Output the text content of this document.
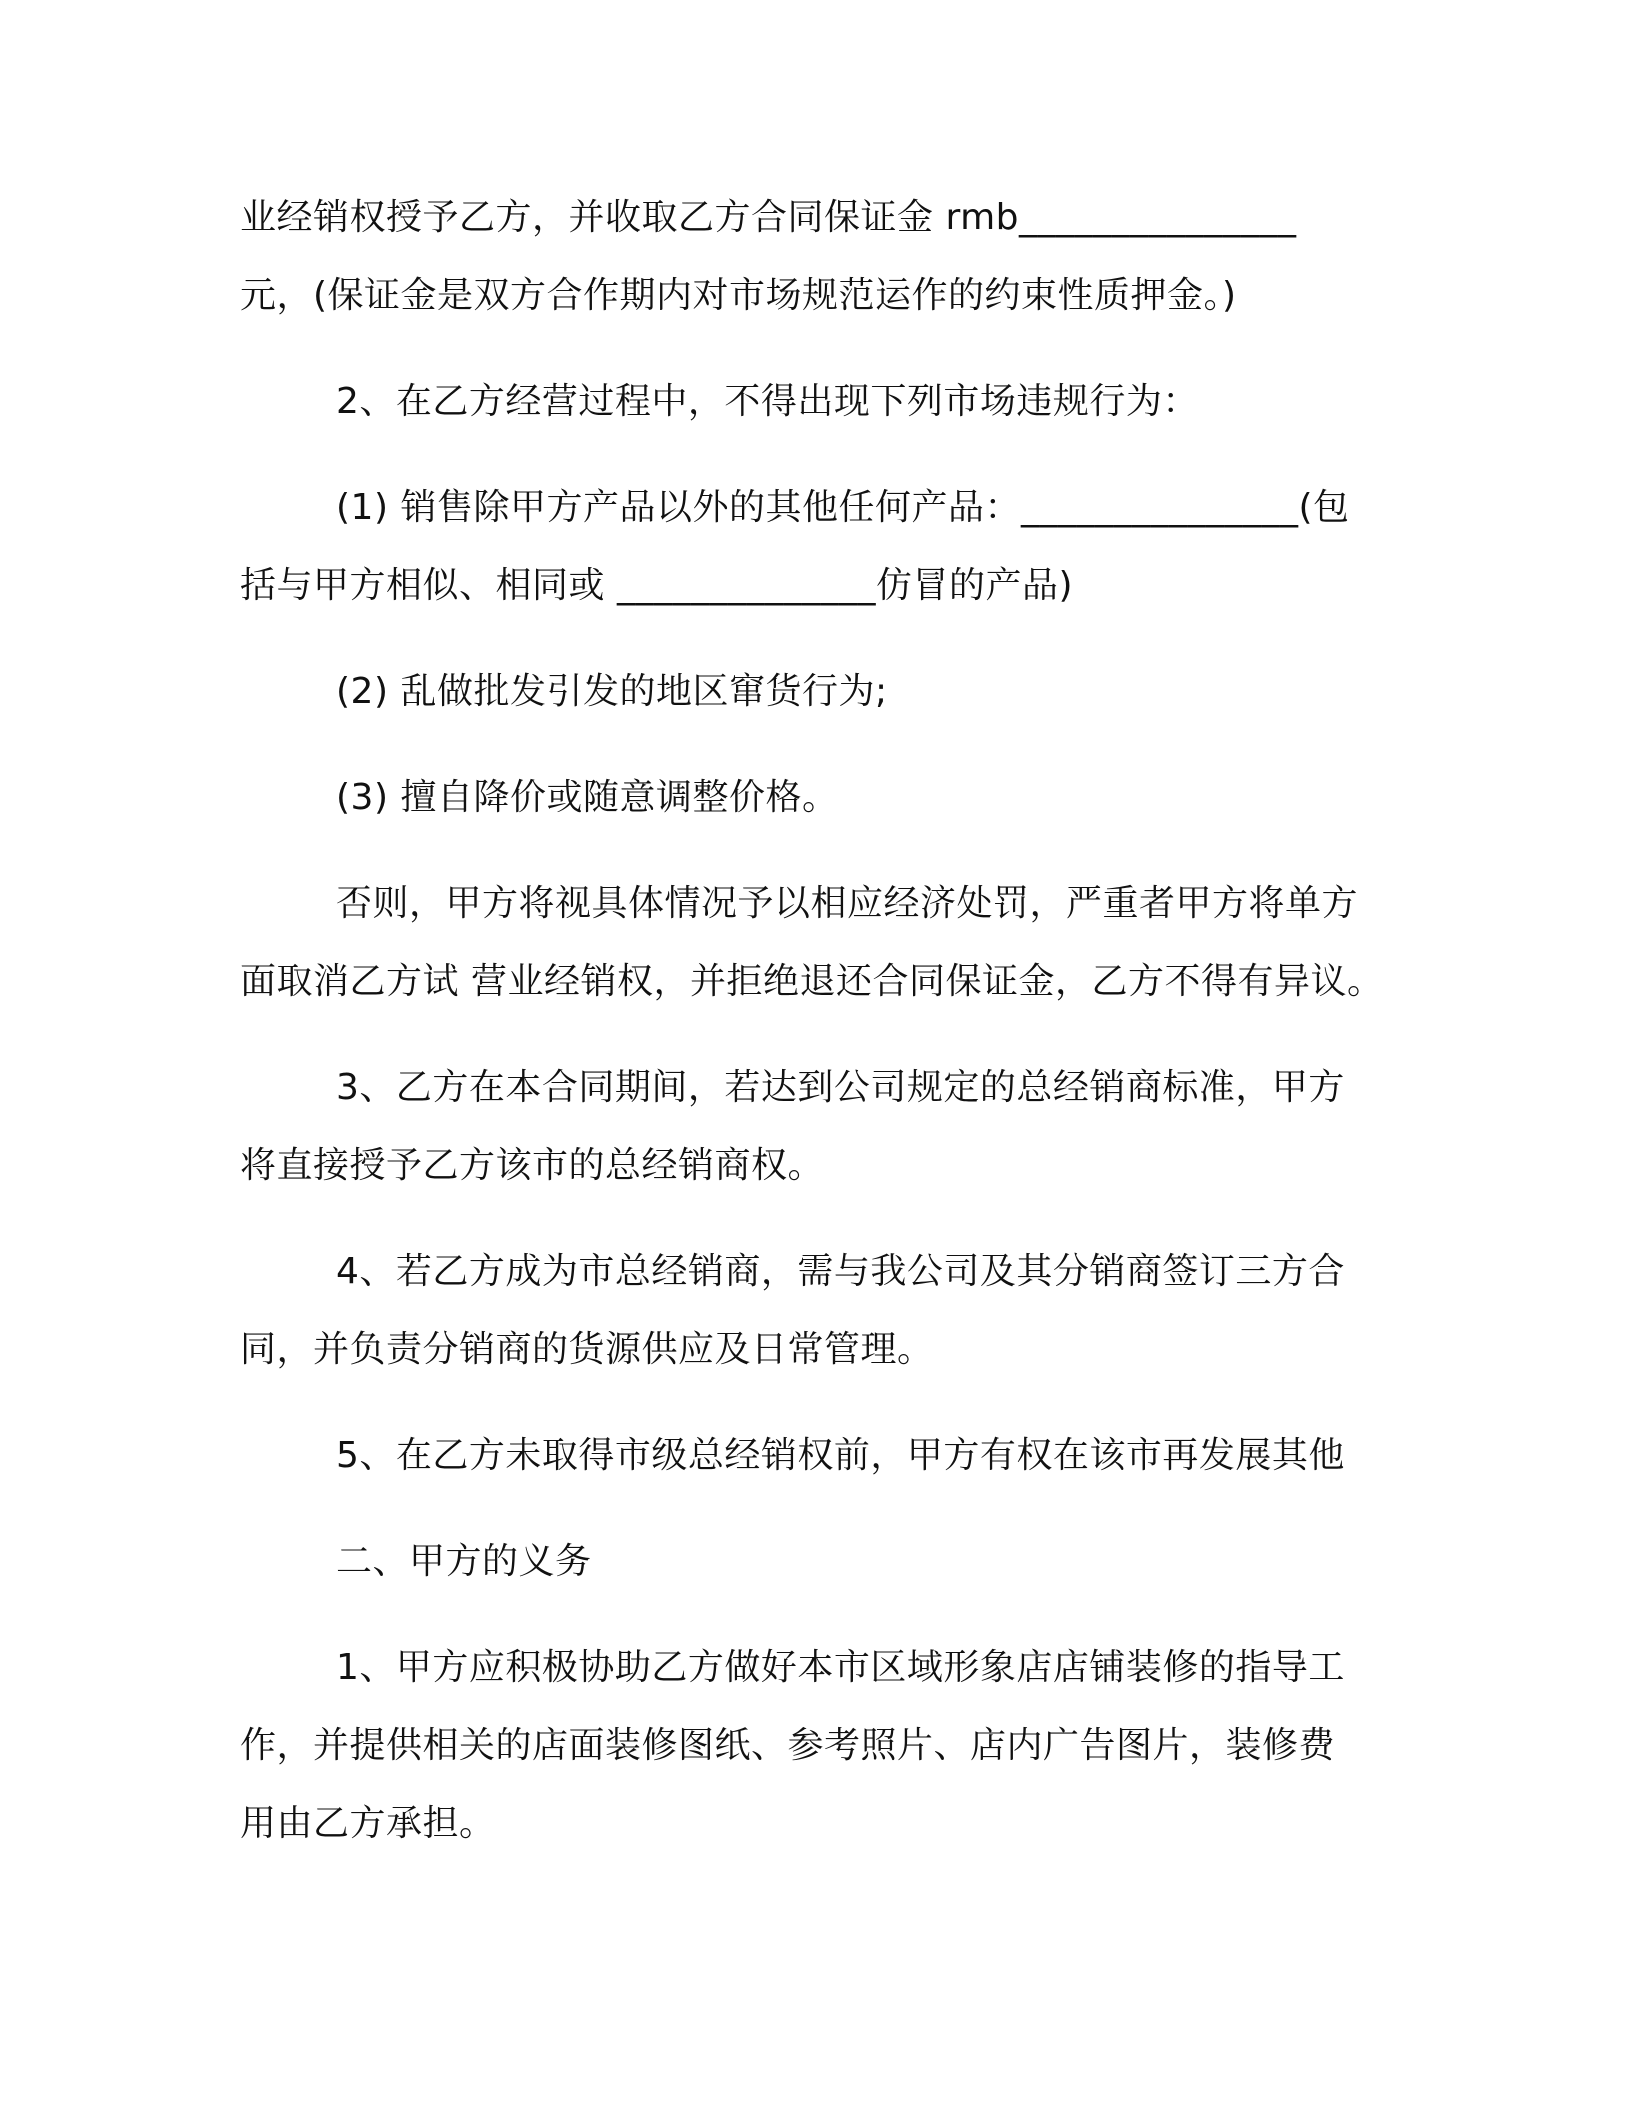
业经销权授予乙方，并收取乙方合同保证金 rmb_______________
元，(保证金是双方合作期内对市场规范运作的约束性质押金。)
2、在乙方经营过程中，不得出现下列市场违规行为：
(1) 销售除甲方产品以外的其他任何产品：_______________(包
括与甲方相似、相同或 ______________仿冒的产品)
(2) 乱做批发引发的地区窜货行为;
(3) 擅自降价或随意调整价格。
否则，甲方将视具体情况予以相应经济处罚，严重者甲方将单方
面取消乙方试 营业经销权，并拒绝退还合同保证金，乙方不得有异议。
3、乙方在本合同期间，若达到公司规定的总经销商标准，甲方
将直接授予乙方该市的总经销商权。
4、若乙方成为市总经销商，需与我公司及其分销商签订三方合
同，并负责分销商的货源供应及日常管理。
5、在乙方未取得市级总经销权前，甲方有权在该市再发展其他
二、甲方的义务
1、甲方应积极协助乙方做好本市区域形象店店铺装修的指导工
作，并提供相关的店面装修图纸、参考照片、店内广告图片，装修费
用由乙方承担。
